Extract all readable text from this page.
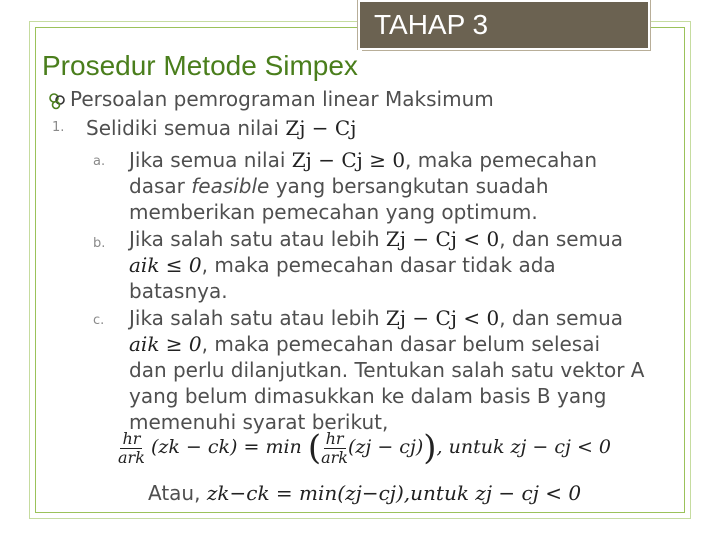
TAHAP 3
Prosedur Metode Simpex
Persoalan pemrograman linear Maksimum
1. Selidiki semua nilai Zj − Cj
a. Jika semua nilai Zj − Cj ≥ 0, maka pemecahan
dasar feasible yang bersangkutan suadah
memberikan pemecahan yang optimum.
b. Jika salah satu atau lebih Zj − Cj < 0, dan semua
aik ≤ 0, maka pemecahan dasar tidak ada
batasnya.
c. Jika salah satu atau lebih Zj − Cj < 0, dan semua
aik ≥ 0, maka pemecahan dasar belum selesai
dan perlu dilanjutkan. Tentukan salah satu vektor A
yang belum dimasukkan ke dalam basis B yang
memenuhi syarat berikut,
$\frac{hr}{\text{ark}} (zk - ck) = \min$ ( $\frac{hr}{\text{ark}} (zj - cj)$), untuk zj − cj < 0
Atau, zk−ck = min(zj−cj),untuk zj − cj < 0
